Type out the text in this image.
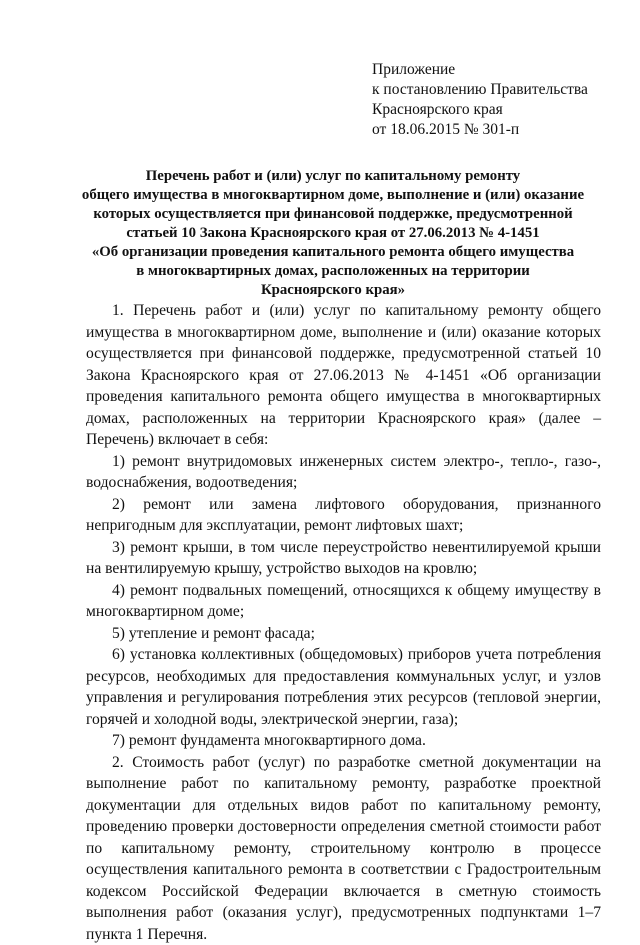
Приложение
к постановлению Правительства
Красноярского края
от 18.06.2015 № 301-п
Перечень работ и (или) услуг по капитальному ремонту
общего имущества в многоквартирном доме, выполнение и (или) оказание
которых осуществляется при финансовой поддержке, предусмотренной
статьей 10 Закона Красноярского края от 27.06.2013 № 4-1451
«Об организации проведения капитального ремонта общего имущества
в многоквартирных домах, расположенных на территории
Красноярского края»

1. Перечень работ и (или) услуг по капитальному ремонту общего имущества в многоквартирном доме, выполнение и (или) оказание которых осуществляется при финансовой поддержке, предусмотренной статьей 10 Закона Красноярского края от 27.06.2013 № 4-1451 «Об организации проведения капитального ремонта общего имущества в многоквартирных домах, расположенных на территории Красноярского края» (далее – Перечень) включает в себя:

1) ремонт внутридомовых инженерных систем электро-, тепло-, газо-, водоснабжения, водоотведения;

2) ремонт или замена лифтового оборудования, признанного непригодным для эксплуатации, ремонт лифтовых шахт;

3) ремонт крыши, в том числе переустройство невентилируемой крыши на вентилируемую крышу, устройство выходов на кровлю;

4) ремонт подвальных помещений, относящихся к общему имуществу в многоквартирном доме;

5) утепление и ремонт фасада;

6) установка коллективных (общедомовых) приборов учета потребления ресурсов, необходимых для предоставления коммунальных услуг, и узлов управления и регулирования потребления этих ресурсов (тепловой энергии, горячей и холодной воды, электрической энергии, газа);

7) ремонт фундамента многоквартирного дома.

2. Стоимость работ (услуг) по разработке сметной документации на выполнение работ по капитальному ремонту, разработке проектной документации для отдельных видов работ по капитальному ремонту, проведению проверки достоверности определения сметной стоимости работ по капитальному ремонту, строительному контролю в процессе осуществления капитального ремонта в соответствии с Градостроительным кодексом Российской Федерации включается в сметную стоимость выполнения работ (оказания услуг), предусмотренных подпунктами 1–7 пункта 1 Перечня.
